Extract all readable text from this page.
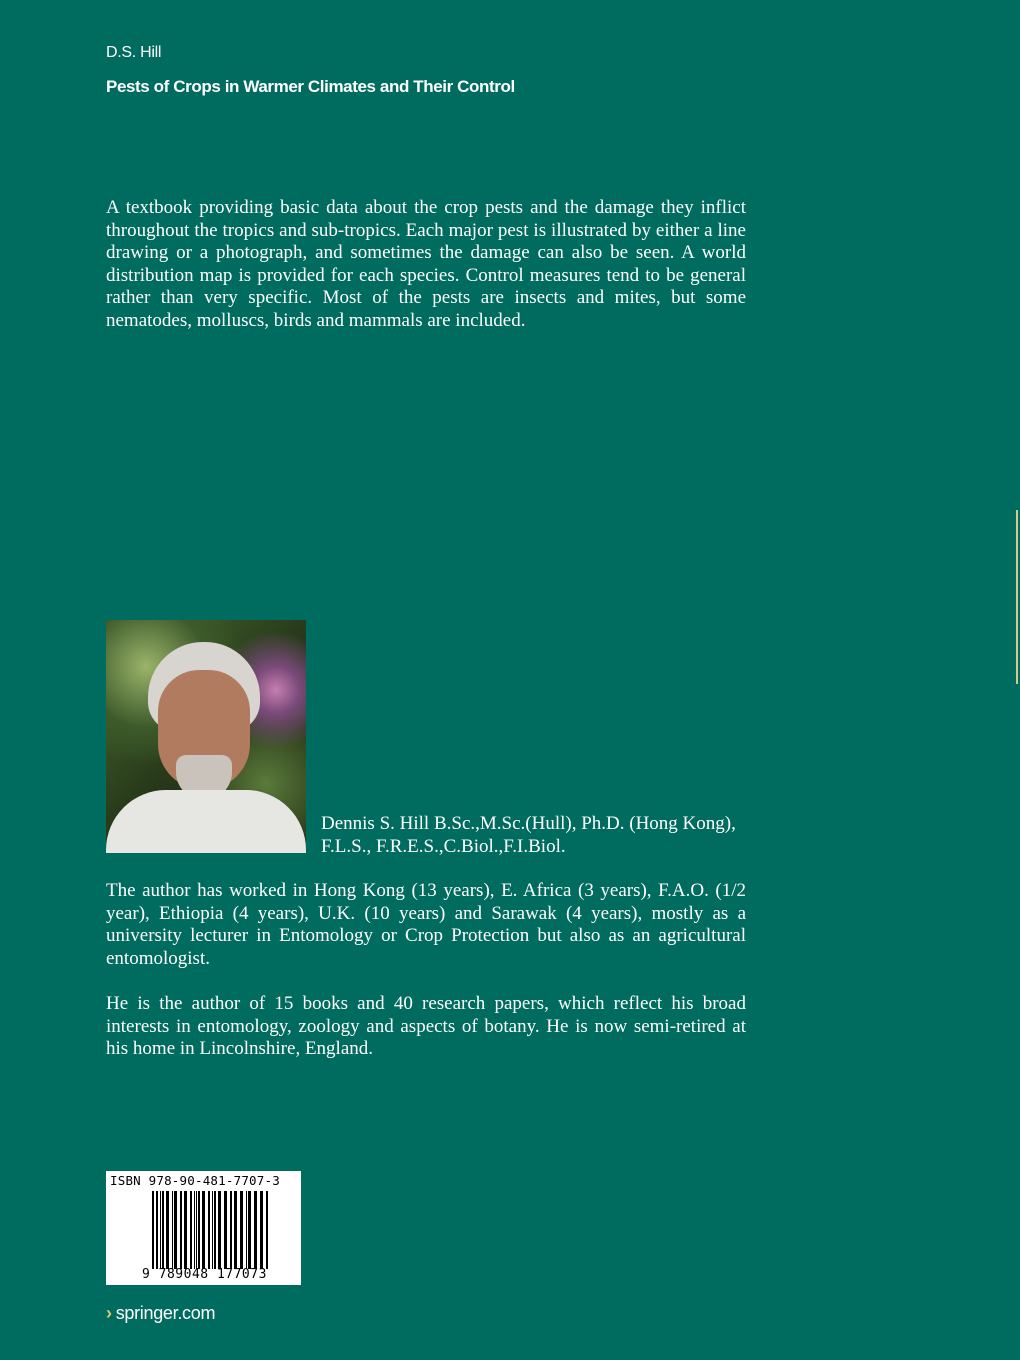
D.S. Hill
Pests of Crops in Warmer Climates and Their Control
A textbook providing basic data about the crop pests and the damage they inflict throughout the tropics and sub-tropics. Each major pest is illustrated by either a line drawing or a photograph, and sometimes the damage can also be seen. A world distribution map is provided for each species. Control measures tend to be general rather than very specific. Most of the pests are insects and mites, but some nematodes, molluscs, birds and mammals are included.
Dennis S. Hill B.Sc.,M.Sc.(Hull), Ph.D. (Hong Kong), F.L.S., F.R.E.S.,C.Biol.,F.I.Biol.
The author has worked in Hong Kong (13 years), E. Africa (3 years), F.A.O. (1/2 year), Ethiopia (4 years), U.K. (10 years) and Sarawak (4 years), mostly as a university lecturer in Entomology or Crop Protection but also as an agricultural entomologist.
He is the author of 15 books and 40 research papers, which reflect his broad interests in entomology, zoology and aspects of botany. He is now semi-retired at his home in Lincolnshire, England.
ISBN 978-90-481-7707-3
9 789048 177073
› springer.com
